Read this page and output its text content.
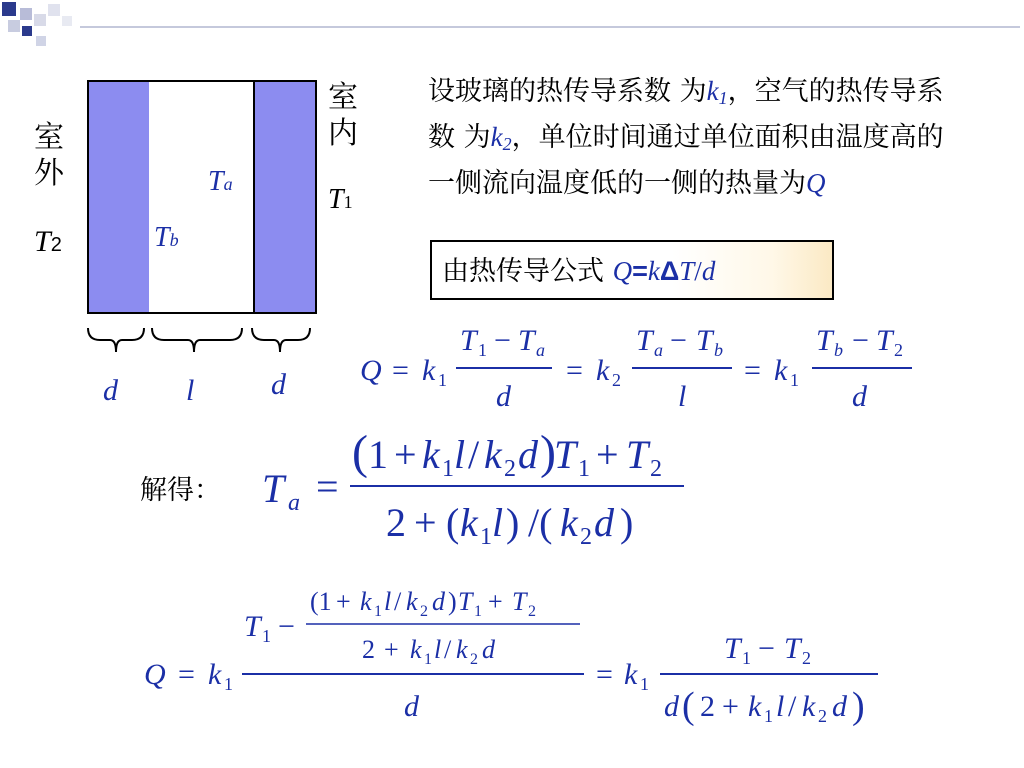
室
外
T2
室
内
T1
Ta
Tb
d l	d
设玻璃的热传导系数 为k1，空气的热传导系数 为k2，单位时间通过单位面积由温度高的一侧流向温度低的一侧的热量为Q
由热传导公式 Q=kΔT/d
Q = k 1
T 1 − T a
d
= k 2
T a − T b
l
= k 1
T b − T 2
d
解得： T a =
( 1 + k 1 l / k 2 d )
T 1 + T 2
2 + ( k 1 l ) /( k 2 d )
Q = k 1
T 1 −
(1 + k 1 l / k 2 d ) T 1 + T 2
2 + k 1 l / k 2 d
d
= k 1
T 1 − T 2
d ( 2 + k 1 l / k 2 d )
